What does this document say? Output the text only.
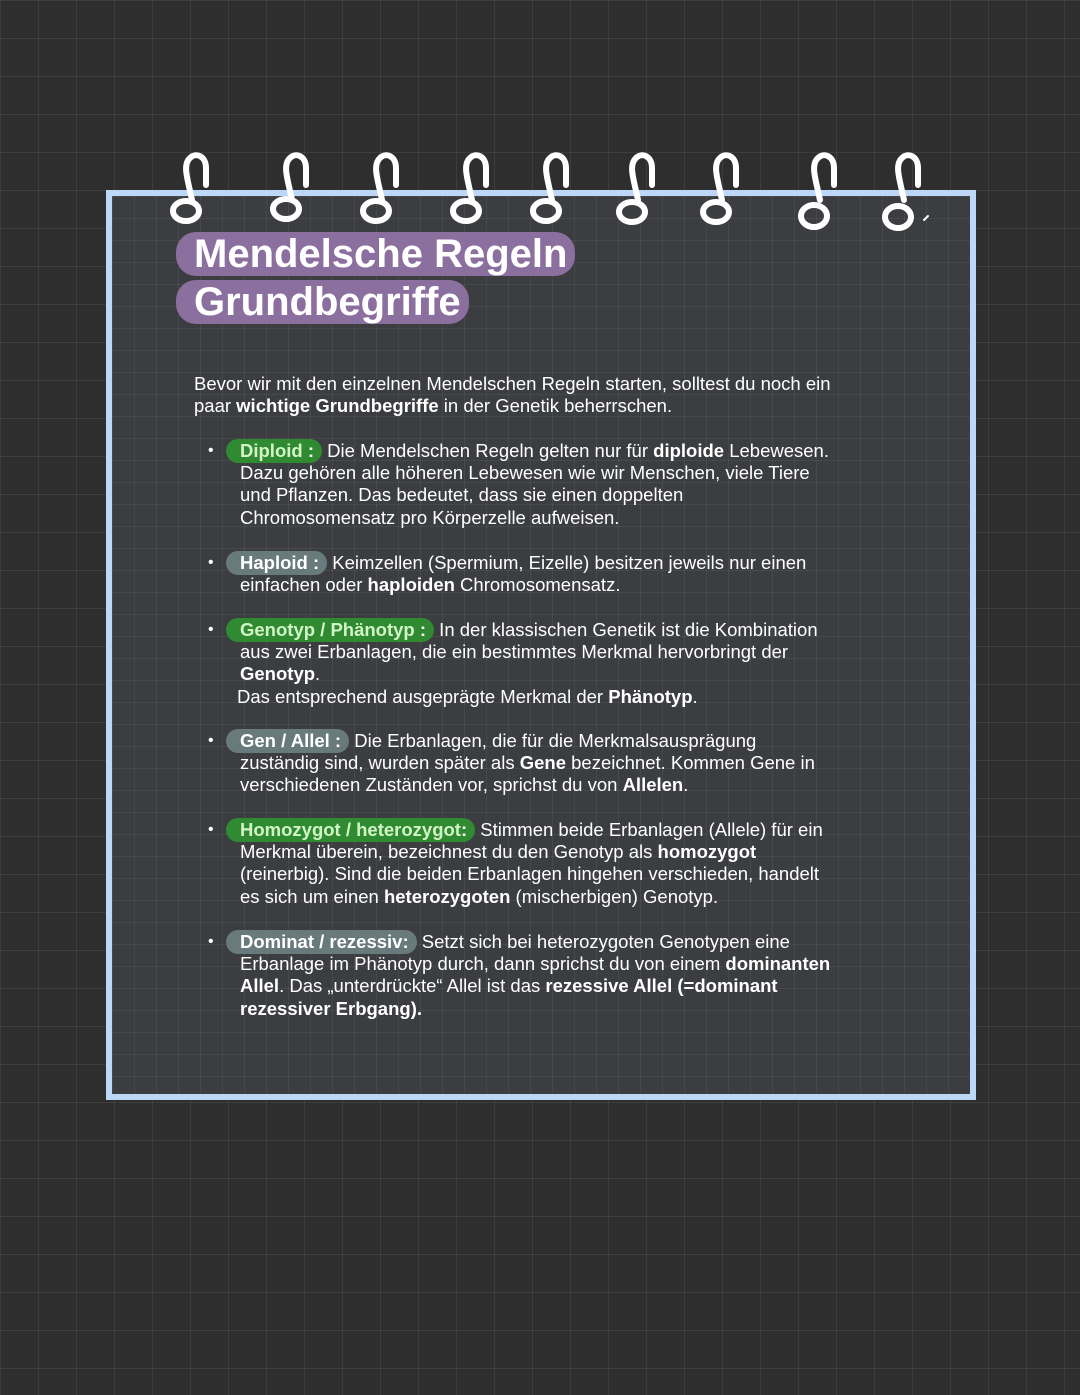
Mendelsche Regeln
Grundbegriffe

Bevor wir mit den einzelnen Mendelschen Regeln starten, solltest du noch ein paar wichtige Grundbegriffe in der Genetik beherrschen.

• Diploid : Die Mendelschen Regeln gelten nur für diploide Lebewesen. Dazu gehören alle höheren Lebewesen wie wir Menschen, viele Tiere und Pflanzen. Das bedeutet, dass sie einen doppelten Chromosomensatz pro Körperzelle aufweisen.
• Haploid : Keimzellen (Spermium, Eizelle) besitzen jeweils nur einen einfachen oder haploiden Chromosomensatz.
• Genotyp / Phänotyp : In der klassischen Genetik ist die Kombination aus zwei Erbanlagen, die ein bestimmtes Merkmal hervorbringt der Genotyp.
Das entsprechend ausgeprägte Merkmal der Phänotyp.
• Gen / Allel : Die Erbanlagen, die für die Merkmalsausprägung zuständig sind, wurden später als Gene bezeichnet. Kommen Gene in verschiedenen Zuständen vor, sprichst du von Allelen.
• Homozygot / heterozygot: Stimmen beide Erbanlagen (Allele) für ein Merkmal überein, bezeichnest du den Genotyp als homozygot (reinerbig). Sind die beiden Erbanlagen hingehen verschieden, handelt es sich um einen heterozygoten (mischerbigen) Genotyp.
• Dominat / rezessiv: Setzt sich bei heterozygoten Genotypen eine Erbanlage im Phänotyp durch, dann sprichst du von einem dominanten Allel. Das „unterdrückte“ Allel ist das rezessive Allel (=dominant rezessiver Erbgang).
